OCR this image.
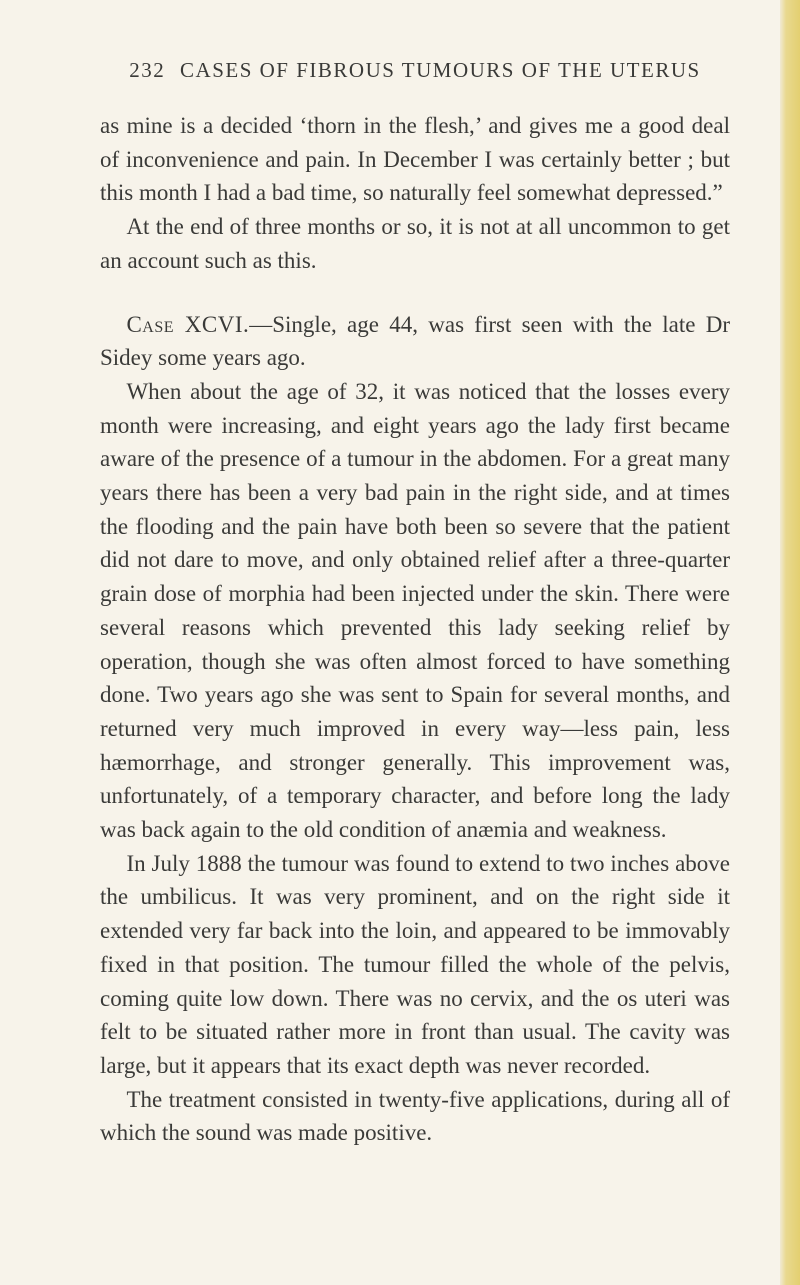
232 CASES OF FIBROUS TUMOURS OF THE UTERUS

as mine is a decided ‘thorn in the flesh,’ and gives me a good deal of inconvenience and pain. In December I was certainly better ; but this month I had a bad time, so naturally feel somewhat depressed.”

At the end of three months or so, it is not at all uncommon to get an account such as this.

Case XCVI.—Single, age 44, was first seen with the late Dr Sidey some years ago.

When about the age of 32, it was noticed that the losses every month were increasing, and eight years ago the lady first became aware of the presence of a tumour in the abdomen. For a great many years there has been a very bad pain in the right side, and at times the flooding and the pain have both been so severe that the patient did not dare to move, and only obtained relief after a three-quarter grain dose of morphia had been injected under the skin. There were several reasons which prevented this lady seeking relief by operation, though she was often almost forced to have something done. Two years ago she was sent to Spain for several months, and returned very much improved in every way—less pain, less hæmorrhage, and stronger generally. This improvement was, unfortunately, of a temporary character, and before long the lady was back again to the old condition of anæmia and weakness.

In July 1888 the tumour was found to extend to two inches above the umbilicus. It was very prominent, and on the right side it extended very far back into the loin, and appeared to be immovably fixed in that position. The tumour filled the whole of the pelvis, coming quite low down. There was no cervix, and the os uteri was felt to be situated rather more in front than usual. The cavity was large, but it appears that its exact depth was never recorded.

The treatment consisted in twenty-five applications, during all of which the sound was made positive.
